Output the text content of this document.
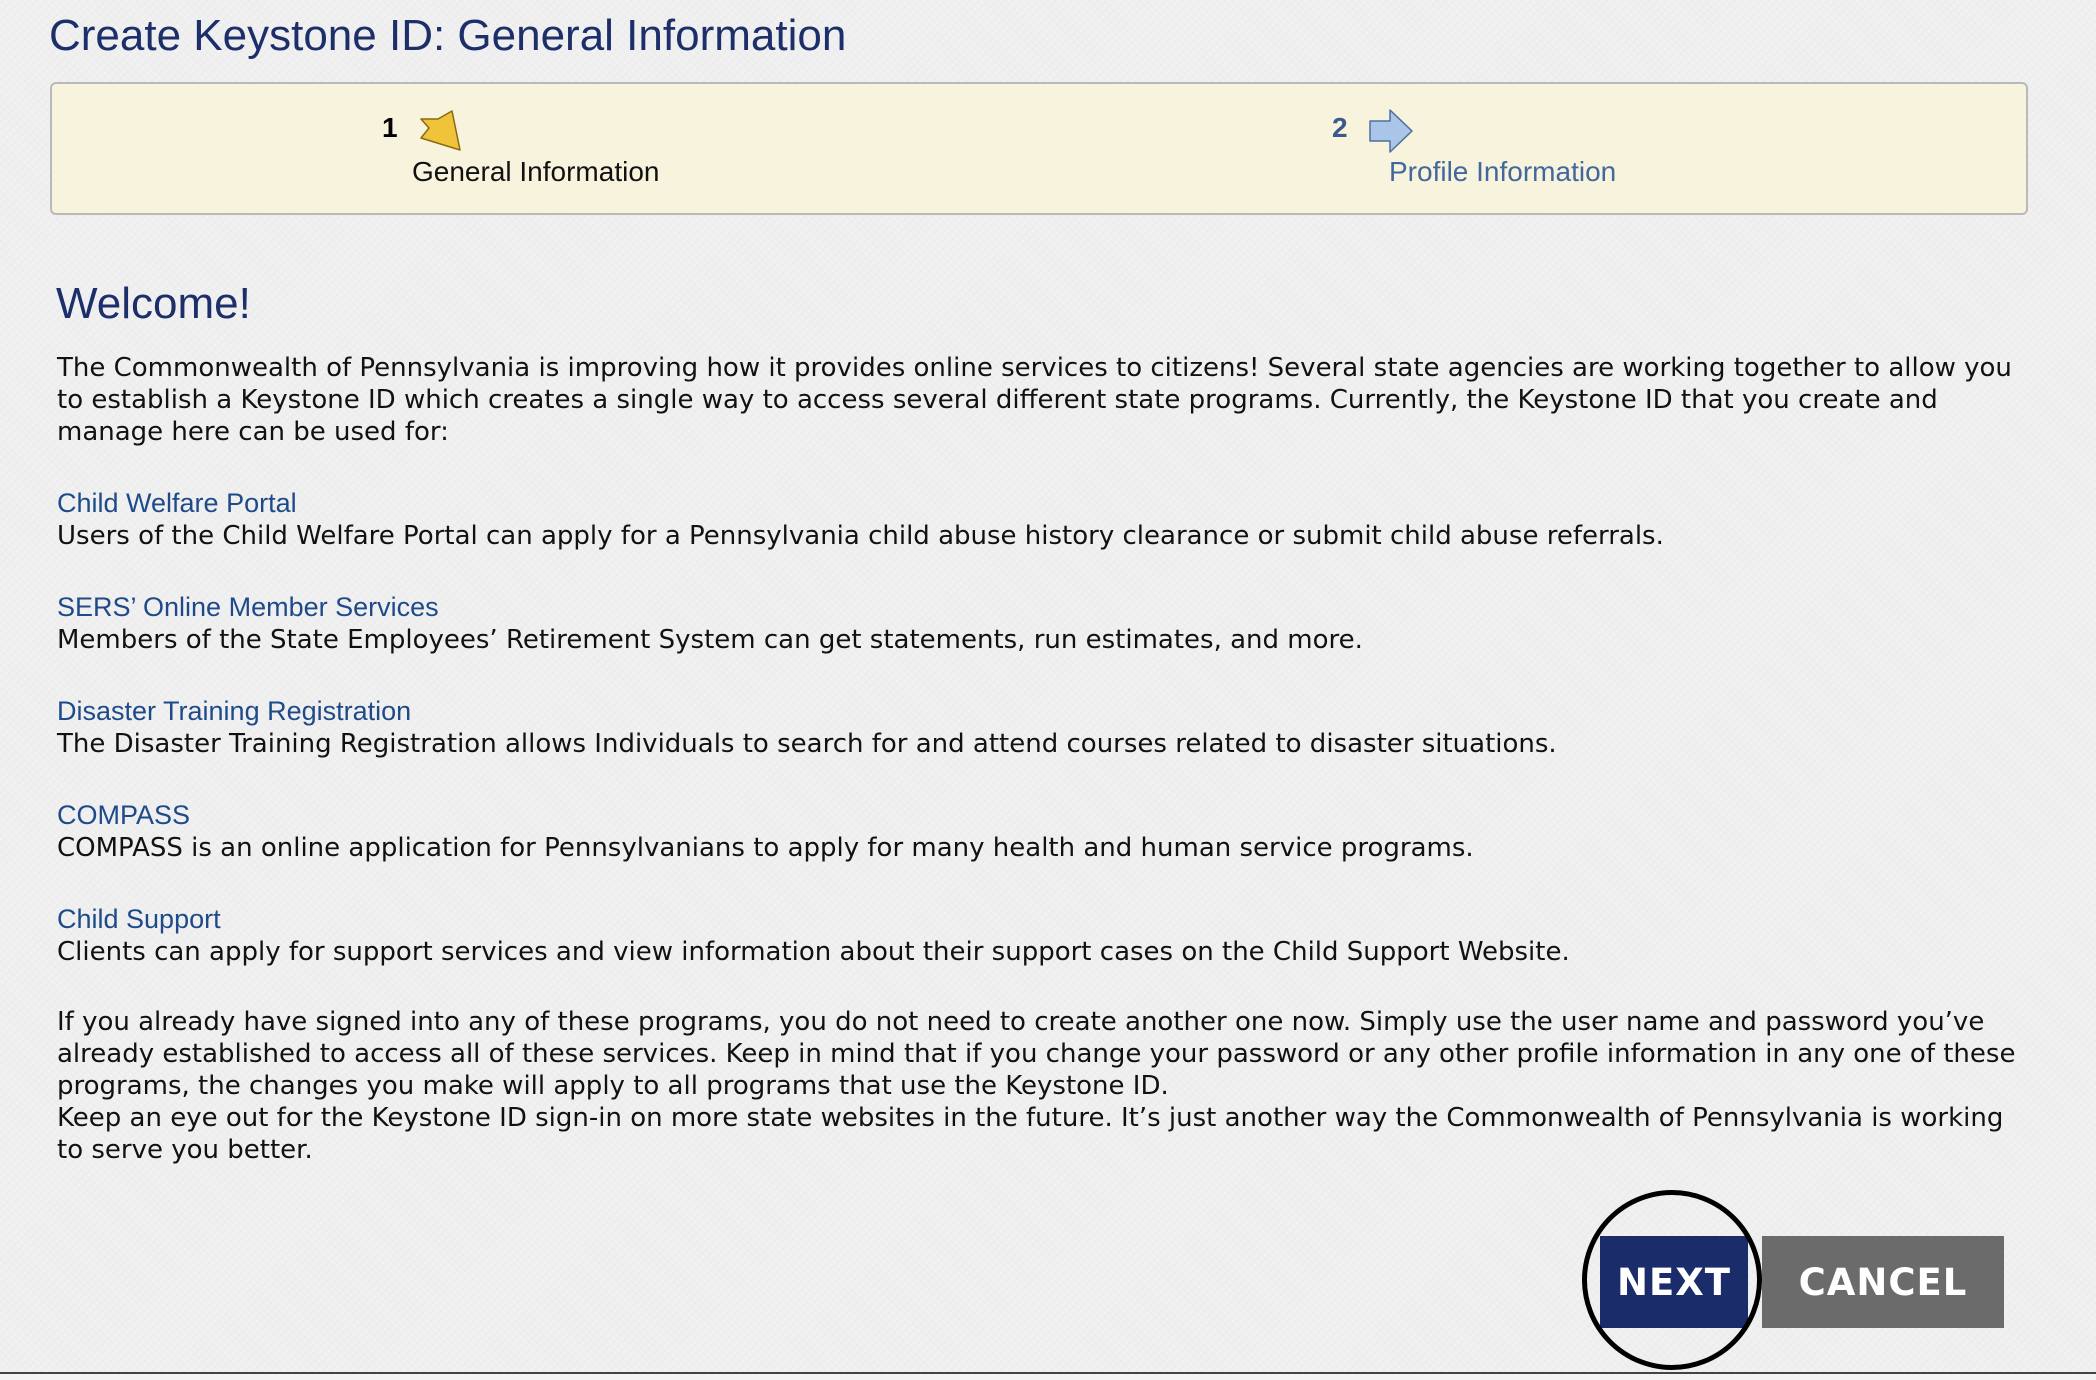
Create Keystone ID: General Information
1
General Information
2
Profile Information
Welcome!

The Commonwealth of Pennsylvania is improving how it provides online services to citizens! Several state agencies are working together to allow you to establish a Keystone ID which creates a single way to access several different state programs. Currently, the Keystone ID that you create and manage here can be used for:

Child Welfare Portal
Users of the Child Welfare Portal can apply for a Pennsylvania child abuse history clearance or submit child abuse referrals.
SERS’ Online Member Services
Members of the State Employees’ Retirement System can get statements, run estimates, and more.
Disaster Training Registration
The Disaster Training Registration allows Individuals to search for and attend courses related to disaster situations.
COMPASS
COMPASS is an online application for Pennsylvanians to apply for many health and human service programs.
Child Support
Clients can apply for support services and view information about their support cases on the Child Support Website.

If you already have signed into any of these programs, you do not need to create another one now. Simply use the user name and password you’ve already established to access all of these services. Keep in mind that if you change your password or any other profile information in any one of these programs, the changes you make will apply to all programs that use the Keystone ID.

Keep an eye out for the Keystone ID sign-in on more state websites in the future. It’s just another way the Commonwealth of Pennsylvania is working to serve you better.

NEXT	CANCEL
